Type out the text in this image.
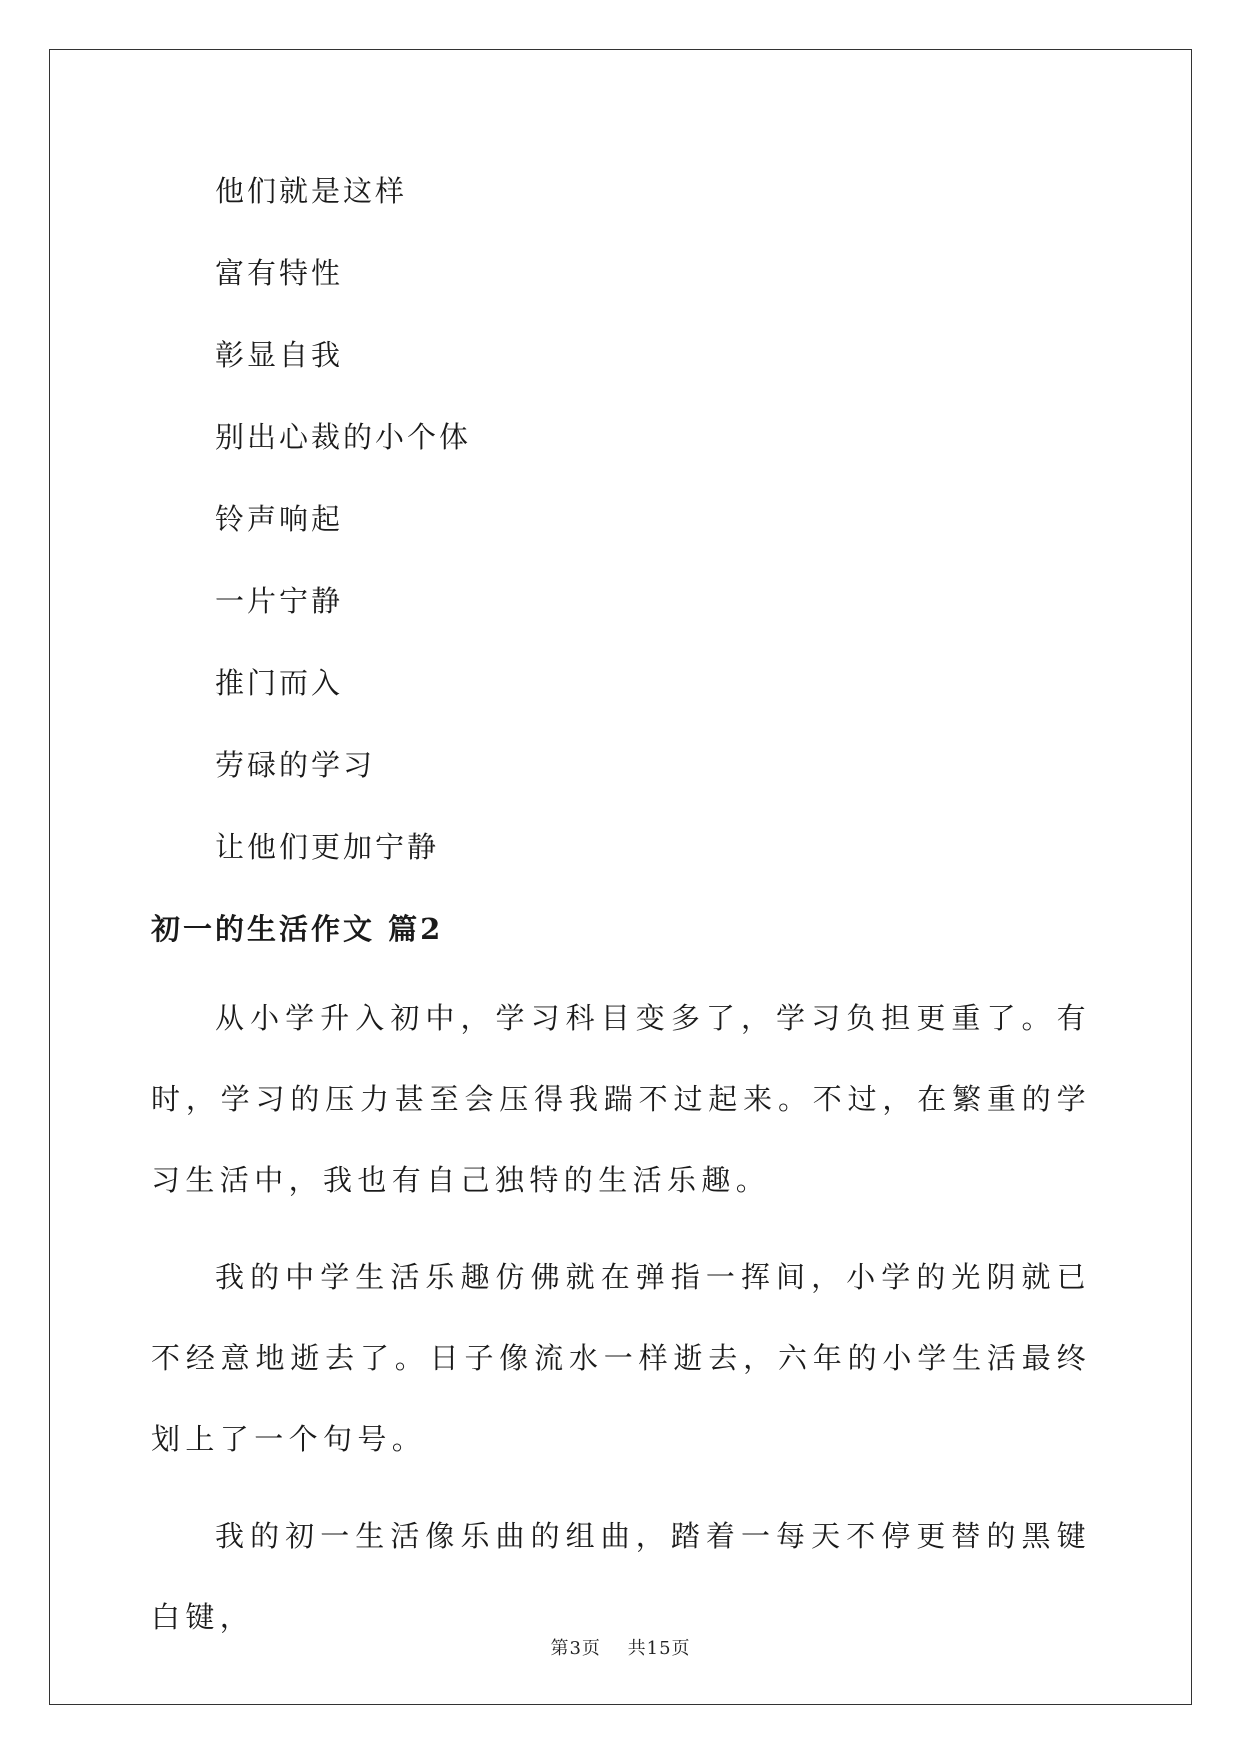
他们就是这样

富有特性

彰显自我

别出心裁的小个体

铃声响起

一片宁静

推门而入

劳碌的学习

让他们更加宁静

初一的生活作文 篇2

从小学升入初中，学习科目变多了，学习负担更重了。有时，学习的压力甚至会压得我踹不过起来。不过，在繁重的学习生活中，我也有自己独特的生活乐趣。

我的中学生活乐趣仿佛就在弹指一挥间，小学的光阴就已不经意地逝去了。日子像流水一样逝去，六年的小学生活最终划上了一个句号。

我的初一生活像乐曲的组曲，踏着一每天不停更替的黑键白键，

第3页 共15页
